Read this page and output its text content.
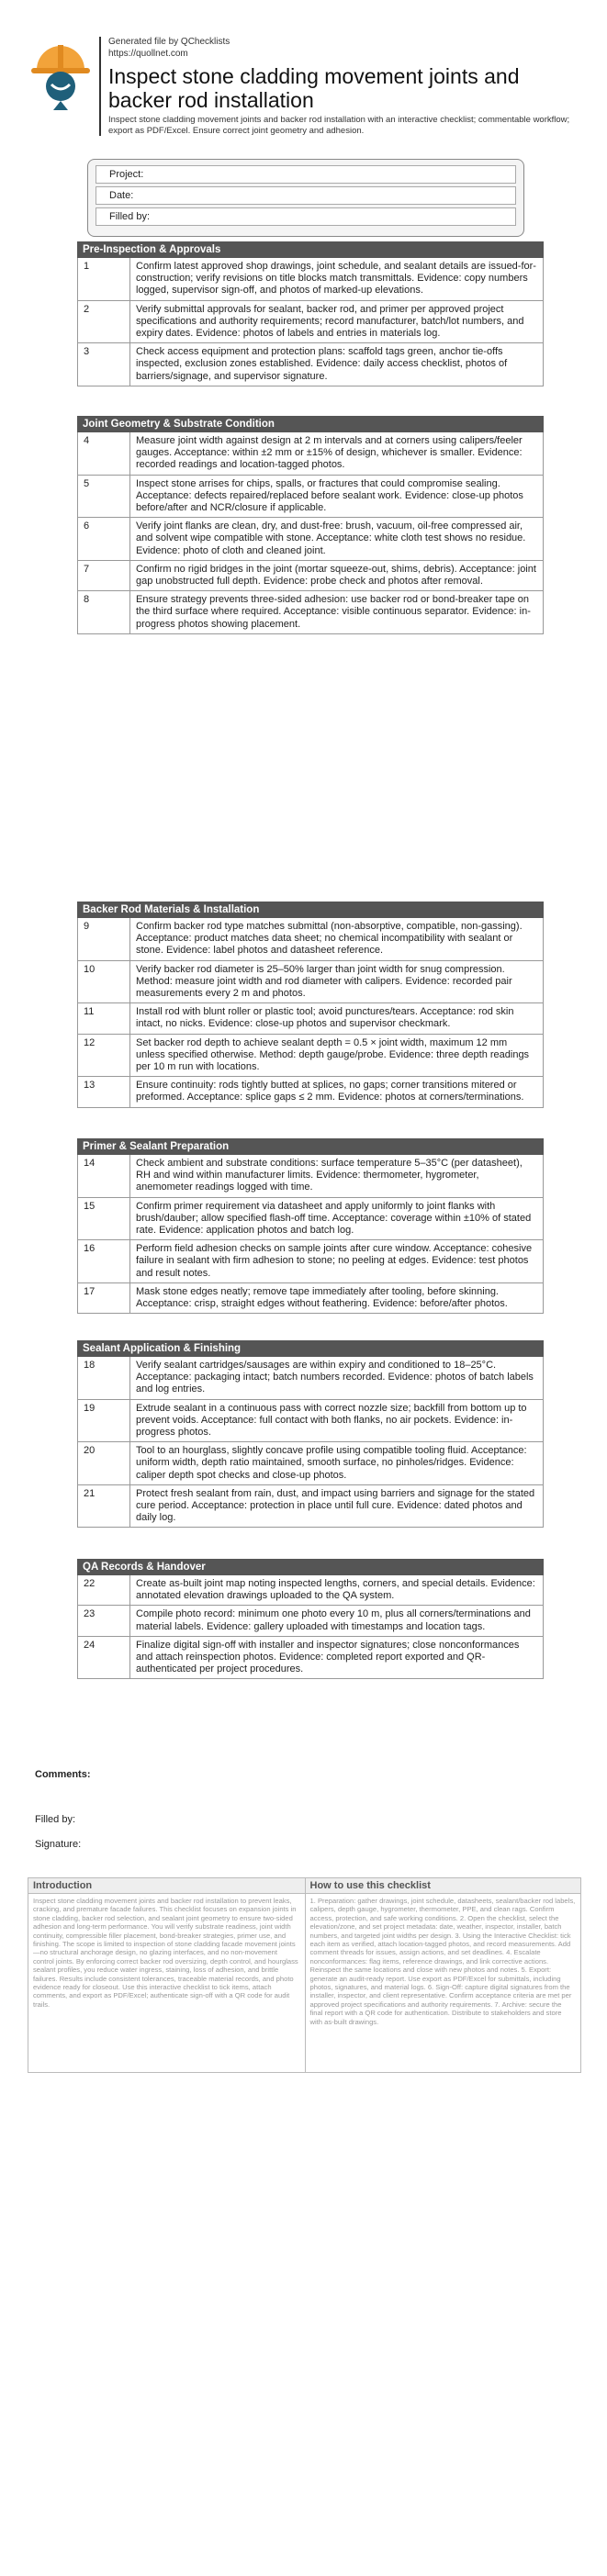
Generated file by QChecklists
https://quollnet.com
Inspect stone cladding movement joints and backer rod installation
Inspect stone cladding movement joints and backer rod installation with an interactive checklist; commentable workflow; export as PDF/Excel. Ensure correct joint geometry and adhesion.
Project:
Date:
Filled by:
Pre-Inspection & Approvals
1	Confirm latest approved shop drawings, joint schedule, and sealant details are issued-for-construction; verify revisions on title blocks match transmittals. Evidence: copy numbers logged, supervisor sign-off, and photos of marked-up elevations.
2	Verify submittal approvals for sealant, backer rod, and primer per approved project specifications and authority requirements; record manufacturer, batch/lot numbers, and expiry dates. Evidence: photos of labels and entries in materials log.
3	Check access equipment and protection plans: scaffold tags green, anchor tie-offs inspected, exclusion zones established. Evidence: daily access checklist, photos of barriers/signage, and supervisor signature.
Joint Geometry & Substrate Condition
4	Measure joint width against design at 2 m intervals and at corners using calipers/feeler gauges. Acceptance: within ±2 mm or ±15% of design, whichever is smaller. Evidence: recorded readings and location-tagged photos.
5	Inspect stone arrises for chips, spalls, or fractures that could compromise sealing. Acceptance: defects repaired/replaced before sealant work. Evidence: close-up photos before/after and NCR/closure if applicable.
6	Verify joint flanks are clean, dry, and dust-free: brush, vacuum, oil-free compressed air, and solvent wipe compatible with stone. Acceptance: white cloth test shows no residue. Evidence: photo of cloth and cleaned joint.
7	Confirm no rigid bridges in the joint (mortar squeeze-out, shims, debris). Acceptance: joint gap unobstructed full depth. Evidence: probe check and photos after removal.
8	Ensure strategy prevents three-sided adhesion: use backer rod or bond-breaker tape on the third surface where required. Acceptance: visible continuous separator. Evidence: in-progress photos showing placement.
Backer Rod Materials & Installation
9	Confirm backer rod type matches submittal (non-absorptive, compatible, non-gassing). Acceptance: product matches data sheet; no chemical incompatibility with sealant or stone. Evidence: label photos and datasheet reference.
10	Verify backer rod diameter is 25–50% larger than joint width for snug compression. Method: measure joint width and rod diameter with calipers. Evidence: recorded pair measurements every 2 m and photos.
11	Install rod with blunt roller or plastic tool; avoid punctures/tears. Acceptance: rod skin intact, no nicks. Evidence: close-up photos and supervisor checkmark.
12	Set backer rod depth to achieve sealant depth = 0.5 × joint width, maximum 12 mm unless specified otherwise. Method: depth gauge/probe. Evidence: three depth readings per 10 m run with locations.
13	Ensure continuity: rods tightly butted at splices, no gaps; corner transitions mitered or preformed. Acceptance: splice gaps ≤ 2 mm. Evidence: photos at corners/terminations.
Primer & Sealant Preparation
14	Check ambient and substrate conditions: surface temperature 5–35°C (per datasheet), RH and wind within manufacturer limits. Evidence: thermometer, hygrometer, anemometer readings logged with time.
15	Confirm primer requirement via datasheet and apply uniformly to joint flanks with brush/dauber; allow specified flash-off time. Acceptance: coverage within ±10% of stated rate. Evidence: application photos and batch log.
16	Perform field adhesion checks on sample joints after cure window. Acceptance: cohesive failure in sealant with firm adhesion to stone; no peeling at edges. Evidence: test photos and result notes.
17	Mask stone edges neatly; remove tape immediately after tooling, before skinning. Acceptance: crisp, straight edges without feathering. Evidence: before/after photos.
Sealant Application & Finishing
18	Verify sealant cartridges/sausages are within expiry and conditioned to 18–25°C. Acceptance: packaging intact; batch numbers recorded. Evidence: photos of batch labels and log entries.
19	Extrude sealant in a continuous pass with correct nozzle size; backfill from bottom up to prevent voids. Acceptance: full contact with both flanks, no air pockets. Evidence: in-progress photos.
20	Tool to an hourglass, slightly concave profile using compatible tooling fluid. Acceptance: uniform width, depth ratio maintained, smooth surface, no pinholes/ridges. Evidence: caliper depth spot checks and close-up photos.
21	Protect fresh sealant from rain, dust, and impact using barriers and signage for the stated cure period. Acceptance: protection in place until full cure. Evidence: dated photos and daily log.
QA Records & Handover
22	Create as-built joint map noting inspected lengths, corners, and special details. Evidence: annotated elevation drawings uploaded to the QA system.
23	Compile photo record: minimum one photo every 10 m, plus all corners/terminations and material labels. Evidence: gallery uploaded with timestamps and location tags.
24	Finalize digital sign-off with installer and inspector signatures; close nonconformances and attach reinspection photos. Evidence: completed report exported and QR-authenticated per project procedures.
Comments:
Filled by:
Signature:
Introduction
Inspect stone cladding movement joints and backer rod installation to prevent leaks, cracking, and premature facade failures. This checklist focuses on expansion joints in stone cladding, backer rod selection, and sealant joint geometry to ensure two-sided adhesion and long-term performance. You will verify substrate readiness, joint width continuity, compressible filler placement, bond-breaker strategies, primer use, and finishing. The scope is limited to inspection of stone cladding facade movement joints—no structural anchorage design, no glazing interfaces, and no non-movement control joints. By enforcing correct backer rod oversizing, depth control, and hourglass sealant profiles, you reduce water ingress, staining, loss of adhesion, and brittle failures. Results include consistent tolerances, traceable material records, and photo evidence ready for closeout. Use this interactive checklist to tick items, attach comments, and export as PDF/Excel; authenticate sign-off with a QR code for audit trails.
How to use this checklist
1. Preparation: gather drawings, joint schedule, datasheets, sealant/backer rod labels, calipers, depth gauge, hygrometer, thermometer, PPE, and clean rags. Confirm access, protection, and safe working conditions. 2. Open the checklist, select the elevation/zone, and set project metadata: date, weather, inspector, installer, batch numbers, and targeted joint widths per design. 3. Using the Interactive Checklist: tick each item as verified, attach location-tagged photos, and record measurements. Add comment threads for issues, assign actions, and set deadlines. 4. Escalate nonconformances: flag items, reference drawings, and link corrective actions. Reinspect the same locations and close with new photos and notes. 5. Export: generate an audit-ready report. Use export as PDF/Excel for submittals, including photos, signatures, and material logs. 6. Sign-Off: capture digital signatures from the installer, inspector, and client representative. Confirm acceptance criteria are met per approved project specifications and authority requirements. 7. Archive: secure the final report with a QR code for authentication. Distribute to stakeholders and store with as-built drawings.
